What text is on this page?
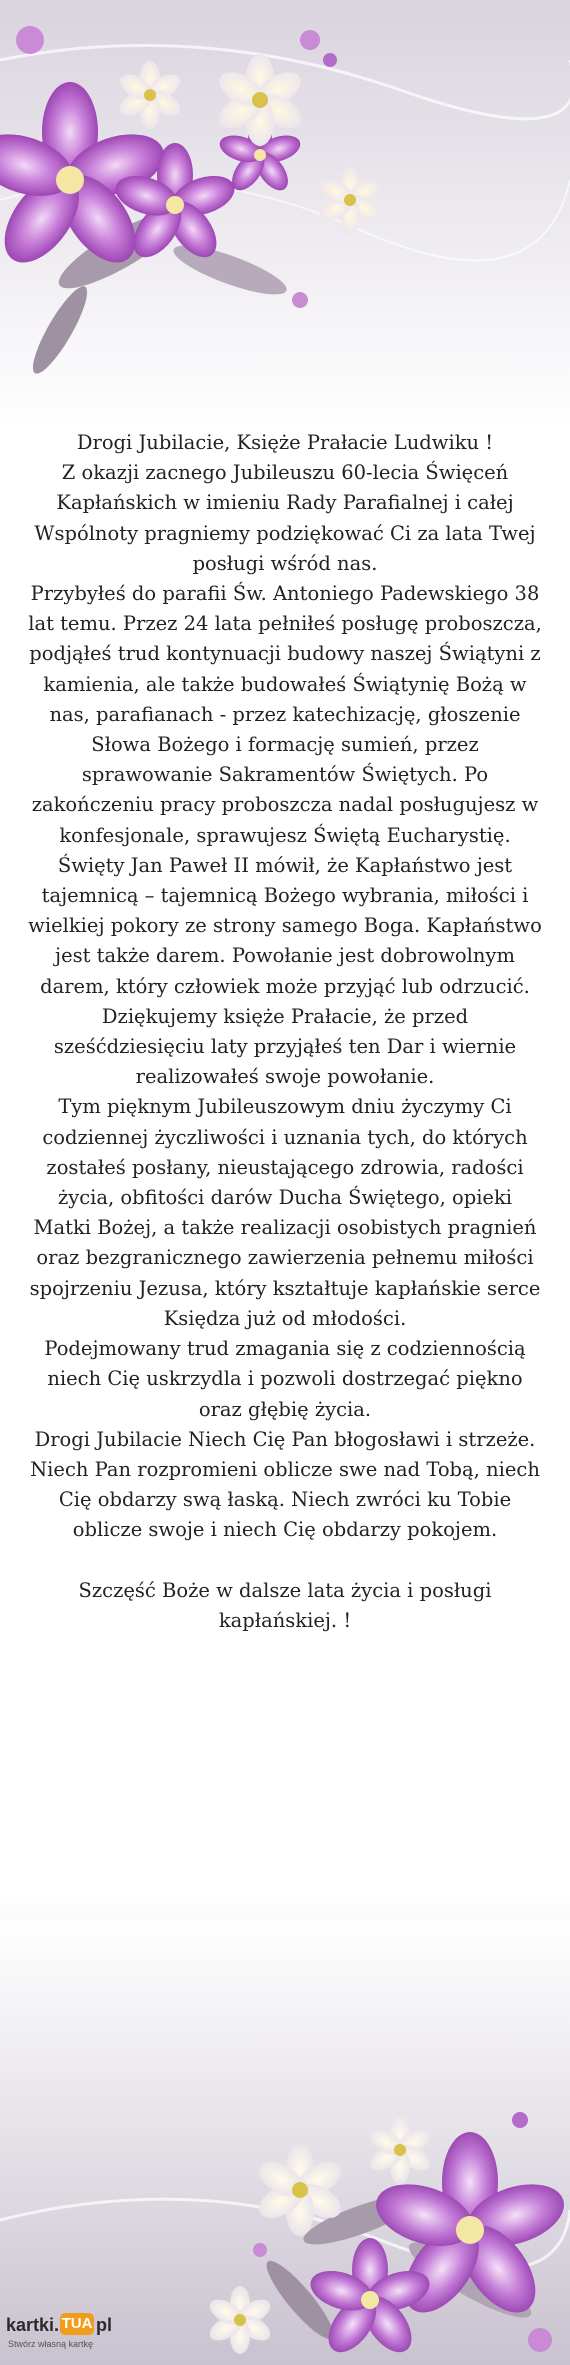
Drogi Jubilacie, Księże Prałacie Ludwiku !

Z okazji zacnego Jubileuszu 60-lecia Święceń Kapłańskich w imieniu Rady Parafialnej i całej Wspólnoty pragniemy podziękować Ci za lata Twej posługi wśród nas.

Przybyłeś do parafii Św. Antoniego Padewskiego 38 lat temu. Przez 24 lata pełniłeś posługę proboszcza, podjąłeś trud kontynuacji budowy naszej Świątyni z kamienia, ale także budowałeś Świątynię Bożą w nas, parafianach - przez katechizację, głoszenie Słowa Bożego i formację sumień, przez sprawowanie Sakramentów Świętych. Po zakończeniu pracy proboszcza nadal posługujesz w konfesjonale, sprawujesz Świętą Eucharystię.

Święty Jan Paweł II mówił, że Kapłaństwo jest tajemnicą – tajemnicą Bożego wybrania, miłości i wielkiej pokory ze strony samego Boga. Kapłaństwo jest także darem. Powołanie jest dobrowolnym darem, który człowiek może przyjąć lub odrzucić. Dziękujemy księże Prałacie, że przed sześćdziesięciu laty przyjąłeś ten Dar i wiernie realizowałeś swoje powołanie.

Tym pięknym Jubileuszowym dniu życzymy Ci codziennej życzliwości i uznania tych, do których zostałeś posłany, nieustającego zdrowia, radości życia, obfitości darów Ducha Świętego, opieki Matki Bożej, a także realizacji osobistych pragnień oraz bezgranicznego zawierzenia pełnemu miłości spojrzeniu Jezusa, który kształtuje kapłańskie serce Księdza już od młodości.

Podejmowany trud zmagania się z codziennością niech Cię uskrzydla i pozwoli dostrzegać piękno oraz głębię życia.

Drogi Jubilacie Niech Cię Pan błogosławi i strzeże. Niech Pan rozpromieni oblicze swe nad Tobą, niech Cię obdarzy swą łaską. Niech zwróci ku Tobie oblicze swoje i niech Cię obdarzy pokojem.

Szczęść Boże w dalsze lata życia i posługi kapłańskiej. !

kartki. TUA pl
Stwórz własną kartkę
